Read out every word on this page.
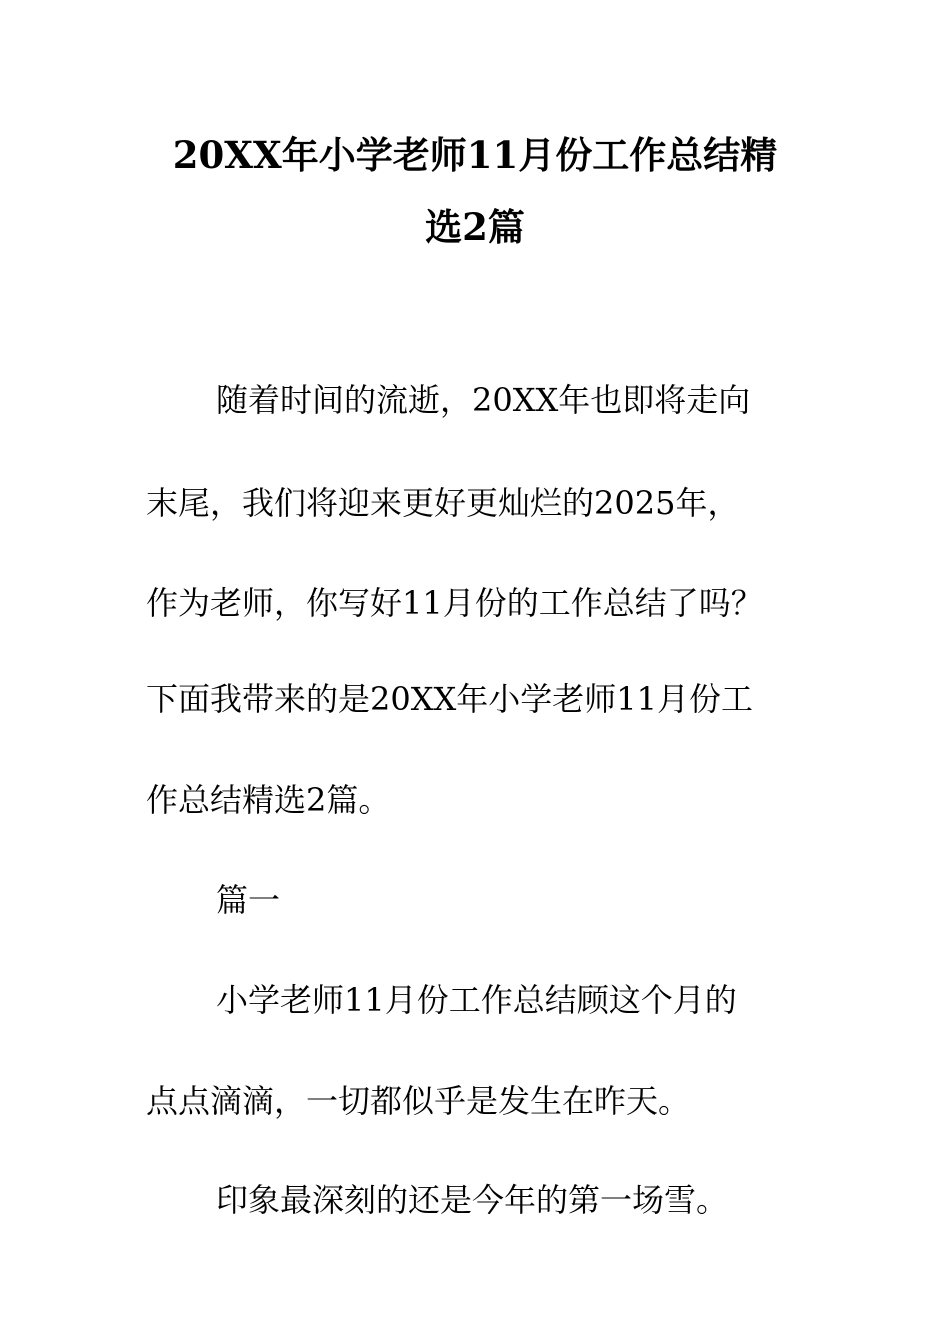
20XX年小学老师11月份工作总结精
选2篇
随着时间的流逝，20XX年也即将走向
末尾，我们将迎来更好更灿烂的2025年，
作为老师，你写好11月份的工作总结了吗？
下面我带来的是20XX年小学老师11月份工
作总结精选2篇。
篇一
小学老师11月份工作总结顾这个月的
点点滴滴，一切都似乎是发生在昨天。
印象最深刻的还是今年的第一场雪。
